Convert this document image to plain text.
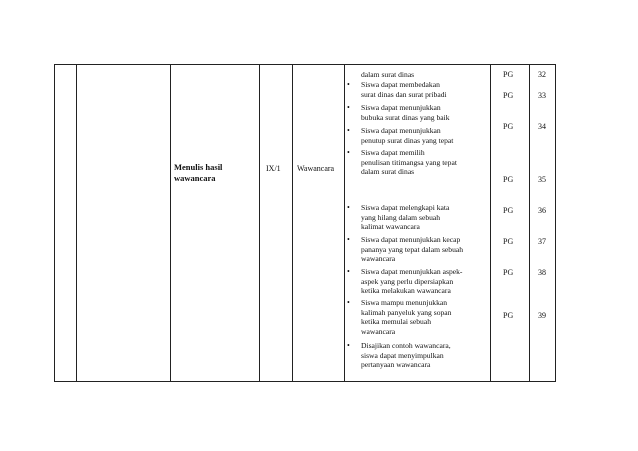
Menulis hasil
wawancara
IX/1 Wawancara
dalam surat dinas
• Siswa dapat membedakan
surat dinas dan surat pribadi
• Siswa dapat menunjukkan
bubuka surat dinas yang baik
• Siswa dapat menunjukkan
penutup surat dinas yang tepat
• Siswa dapat memilih
penulisan titimangsa yang tepat
dalam surat dinas
• Siswa dapat melengkapi kata
yang hilang dalam sebuah
kalimat wawancara
• Siswa dapat menunjukkan kecap
pananya yang tepat dalam sebuah
wawancara
• Siswa dapat menunjukkan aspek-
aspek yang perlu dipersiapkan
ketika melakukan wawancara
• Siswa mampu menunjukkan
kalimah panyeluk yang sopan
ketika memulai sebuah
wawancara
• Disajikan contoh wawancara,
siswa dapat menyimpulkan
pertanyaan wawancara
PG
PG
PG
PG
PG
PG
PG
PG
32
33
34
35
36
37
38
39
